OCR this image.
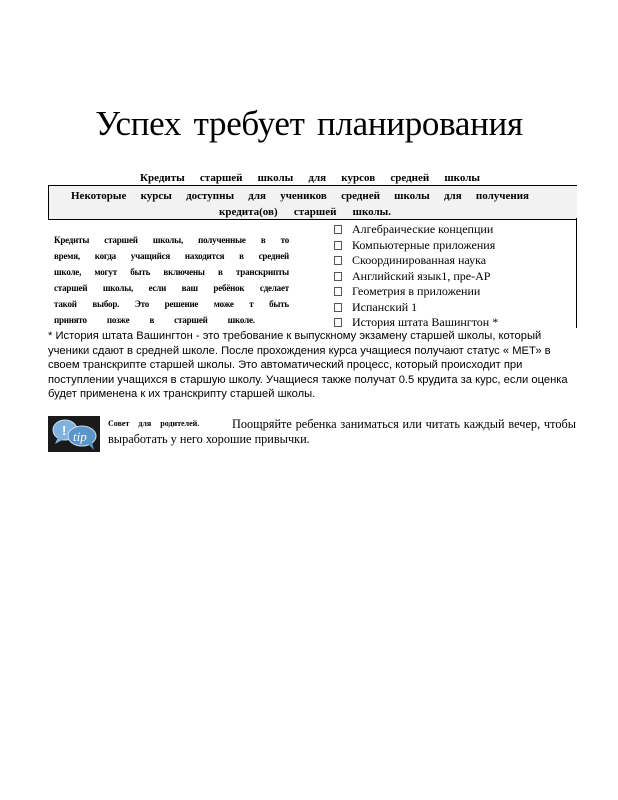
Успех требует планирования
Кредиты старшей школы для курсов средней школы
Некоторые курсы доступны для учеников средней школы для получения
кредита(ов) старшей школы.
Кредиты старшей школы, полученные в то
время, когда учащийся находится в средней
школе, могут быть включены в транскрипты
старшей школы, если ваш ребёнок сделает
такой выбор. Это решение може т быть
принято позже в старшей школе.
Алгебраические концепции
Компьютерные приложения
Скоординированная наука
Английский язык1, пре-AP
Геометрия в приложении
Испанский 1
История штата Вашингтон *
* История штата Вашингтон - это требование к выпускному экзамену старшей школы, который ученики сдают в средней школе. После прохождения курса учащиеся получают статус « МЕТ» в своем транскрипте старшей школы. Это автоматический процесс, который происходит при поступлении учащихся в старшую школу. Учащиеся также получат 0.5 крудита за курс, если оценка будет применена к их транскрипту старшей школы.
! tip
Совет для родителей.	Поощряйте ребенка заниматься или читать каждый вечер, чтобы выработать у него хорошие привычки.
